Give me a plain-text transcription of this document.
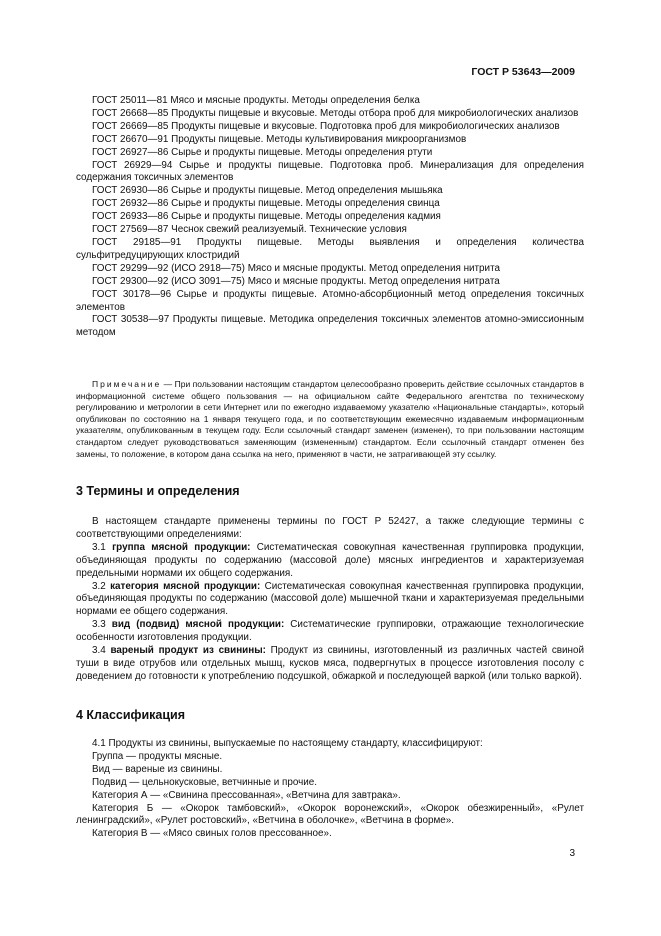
ГОСТ Р 53643—2009
ГОСТ 25011—81 Мясо и мясные продукты. Методы определения белка
ГОСТ 26668—85 Продукты пищевые и вкусовые. Методы отбора проб для микробиологических анализов
ГОСТ 26669—85 Продукты пищевые и вкусовые. Подготовка проб для микробиологических анализов
ГОСТ 26670—91 Продукты пищевые. Методы культивирования микроорганизмов
ГОСТ 26927—86 Сырье и продукты пищевые. Методы определения ртути
ГОСТ 26929—94 Сырье и продукты пищевые. Подготовка проб. Минерализация для определения содержания токсичных элементов
ГОСТ 26930—86 Сырье и продукты пищевые. Метод определения мышьяка
ГОСТ 26932—86 Сырье и продукты пищевые. Методы определения свинца
ГОСТ 26933—86 Сырье и продукты пищевые. Методы определения кадмия
ГОСТ 27569—87 Чеснок свежий реализуемый. Технические условия
ГОСТ 29185—91 Продукты пищевые. Методы выявления и определения количества сульфитредуцирующих клостридий
ГОСТ 29299—92 (ИСО 2918—75) Мясо и мясные продукты. Метод определения нитрита
ГОСТ 29300—92 (ИСО 3091—75) Мясо и мясные продукты. Метод определения нитрата
ГОСТ 30178—96 Сырье и продукты пищевые. Атомно-абсорбционный метод определения токсичных элементов
ГОСТ 30538—97 Продукты пищевые. Методика определения токсичных элементов атомно-эмиссионным методом
Примечание — При пользовании настоящим стандартом целесообразно проверить действие ссылочных стандартов в информационной системе общего пользования — на официальном сайте Федерального агентства по техническому регулированию и метрологии в сети Интернет или по ежегодно издаваемому указателю «Национальные стандарты», который опубликован по состоянию на 1 января текущего года, и по соответствующим ежемесячно издаваемым информационным указателям, опубликованным в текущем году. Если ссылочный стандарт заменен (изменен), то при пользовании настоящим стандартом следует руководствоваться заменяющим (измененным) стандартом. Если ссылочный стандарт отменен без замены, то положение, в котором дана ссылка на него, применяют в части, не затрагивающей эту ссылку.
3 Термины и определения

В настоящем стандарте применены термины по ГОСТ Р 52427, а также следующие термины с соответствующими определениями:

3.1 группа мясной продукции: Систематическая совокупная качественная группировка продукции, объединяющая продукты по содержанию (массовой доле) мясных ингредиентов и характеризуемая предельными нормами их общего содержания.

3.2 категория мясной продукции: Систематическая совокупная качественная группировка продукции, объединяющая продукты по содержанию (массовой доле) мышечной ткани и характеризуемая предельными нормами ее общего содержания.

3.3 вид (подвид) мясной продукции: Систематические группировки, отражающие технологические особенности изготовления продукции.

3.4 вареный продукт из свинины: Продукт из свинины, изготовленный из различных частей свиной туши в виде отрубов или отдельных мышц, кусков мяса, подвергнутых в процессе изготовления посолу с доведением до готовности к употреблению подсушкой, обжаркой и последующей варкой (или только варкой).

4 Классификация

4.1 Продукты из свинины, выпускаемые по настоящему стандарту, классифицируют:

Группа — продукты мясные.

Вид — вареные из свинины.

Подвид — цельнокусковые, ветчинные и прочие.

Категория А — «Свинина прессованная», «Ветчина для завтрака».

Категория Б — «Окорок тамбовский», «Окорок воронежский», «Окорок обезжиренный», «Рулет ленинградский», «Рулет ростовский», «Ветчина в оболочке», «Ветчина в форме».

Категория В — «Мясо свиных голов прессованное».

3
